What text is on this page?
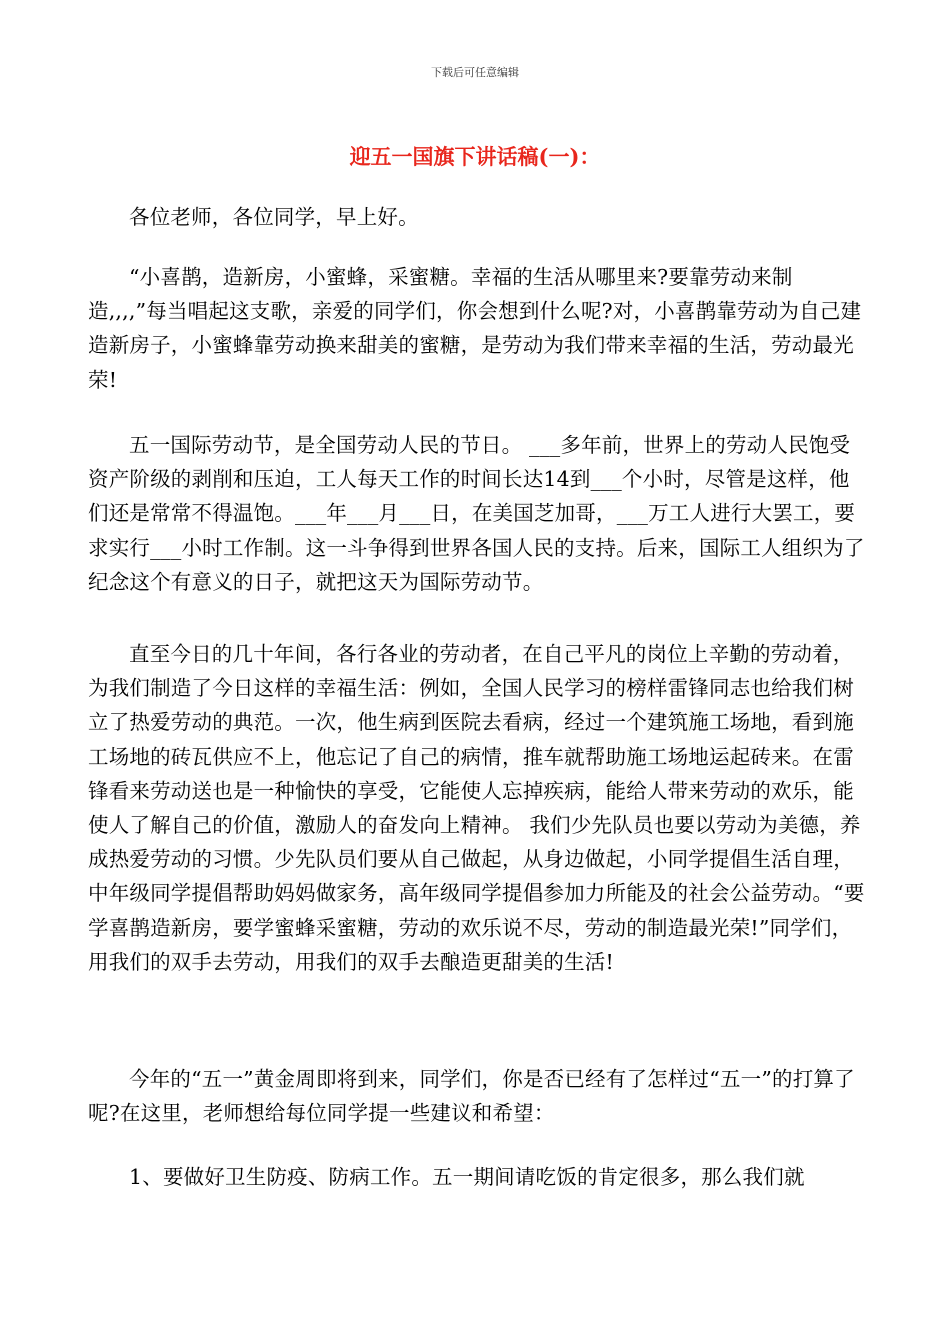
下载后可任意编辑
迎五一国旗下讲话稿(一)：

各位老师，各位同学，早上好。

“小喜鹊，造新房，小蜜蜂，采蜜糖。幸福的生活从哪里来?要靠劳动来制造,,,,”每当唱起这支歌，亲爱的同学们，你会想到什么呢?对，小喜鹊靠劳动为自己建造新房子，小蜜蜂靠劳动换来甜美的蜜糖，是劳动为我们带来幸福的生活，劳动最光荣!

五一国际劳动节，是全国劳动人民的节日。 ___多年前，世界上的劳动人民饱受资产阶级的剥削和压迫，工人每天工作的时间长达14到___个小时，尽管是这样，他们还是常常不得温饱。___年___月___日，在美国芝加哥，___万工人进行大罢工，要求实行___小时工作制。这一斗争得到世界各国人民的支持。后来，国际工人组织为了纪念这个有意义的日子，就把这天为国际劳动节。

直至今日的几十年间，各行各业的劳动者，在自己平凡的岗位上辛勤的劳动着，为我们制造了今日这样的幸福生活：例如，全国人民学习的榜样雷锋同志也给我们树立了热爱劳动的典范。一次，他生病到医院去看病，经过一个建筑施工场地，看到施工场地的砖瓦供应不上，他忘记了自己的病情，推车就帮助施工场地运起砖来。在雷锋看来劳动送也是一种愉快的享受，它能使人忘掉疾病，能给人带来劳动的欢乐，能使人了解自己的价值，激励人的奋发向上精神。 我们少先队员也要以劳动为美德，养成热爱劳动的习惯。少先队员们要从自己做起，从身边做起，小同学提倡生活自理，中年级同学提倡帮助妈妈做家务，高年级同学提倡参加力所能及的社会公益劳动。“要学喜鹊造新房，要学蜜蜂采蜜糖，劳动的欢乐说不尽，劳动的制造最光荣!”同学们，用我们的双手去劳动，用我们的双手去酿造更甜美的生活!

今年的“五一”黄金周即将到来，同学们，你是否已经有了怎样过“五一”的打算了呢?在这里，老师想给每位同学提一些建议和希望：

1、要做好卫生防疫、防病工作。五一期间请吃饭的肯定很多，那么我们就
